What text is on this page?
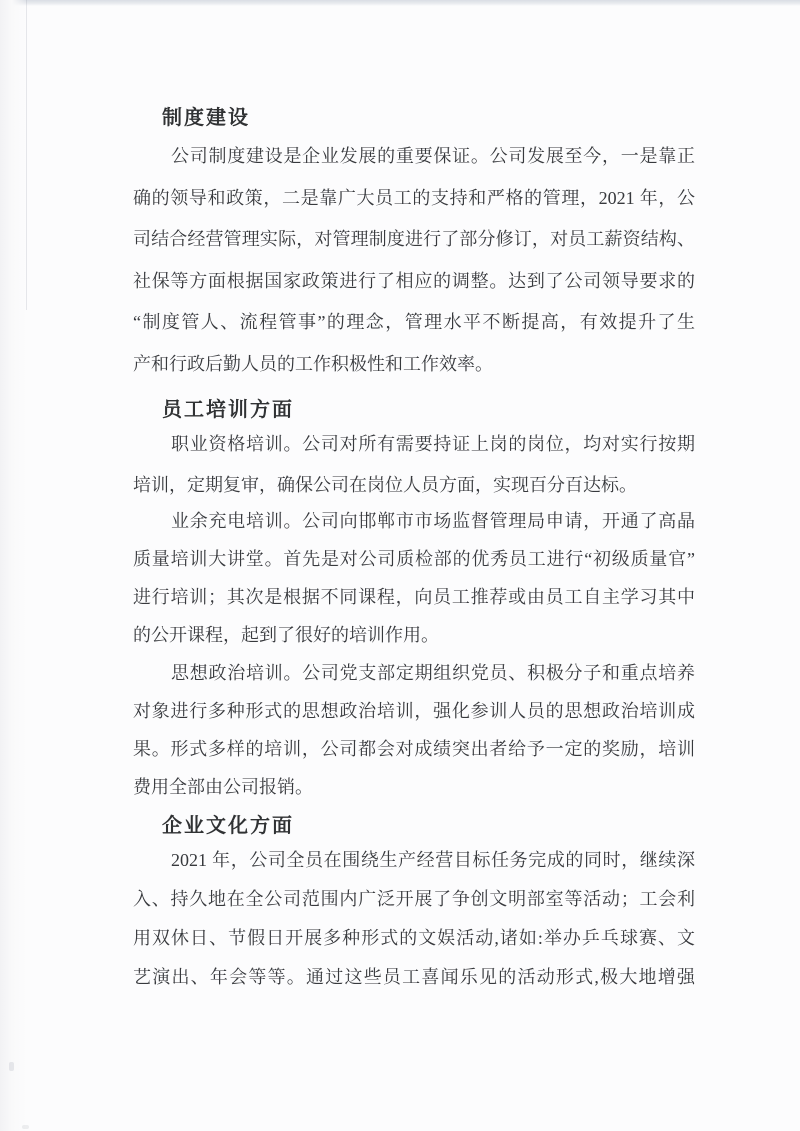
制度建设
公司制度建设是企业发展的重要保证。公司发展至今，一是靠正
确的领导和政策，二是靠广大员工的支持和严格的管理，2021 年，公
司结合经营管理实际，对管理制度进行了部分修订，对员工薪资结构、
社保等方面根据国家政策进行了相应的调整。达到了公司领导要求的
“制度管人、流程管事”的理念，管理水平不断提高，有效提升了生
产和行政后勤人员的工作积极性和工作效率。
员工培训方面
职业资格培训。公司对所有需要持证上岗的岗位，均对实行按期
培训，定期复审，确保公司在岗位人员方面，实现百分百达标。
业余充电培训。公司向邯郸市市场监督管理局申请，开通了高晶
质量培训大讲堂。首先是对公司质检部的优秀员工进行“初级质量官”
进行培训；其次是根据不同课程，向员工推荐或由员工自主学习其中
的公开课程，起到了很好的培训作用。
思想政治培训。公司党支部定期组织党员、积极分子和重点培养
对象进行多种形式的思想政治培训，强化参训人员的思想政治培训成
果。形式多样的培训，公司都会对成绩突出者给予一定的奖励，培训
费用全部由公司报销。
企业文化方面
2021 年，公司全员在围绕生产经营目标任务完成的同时，继续深
入、持久地在全公司范围内广泛开展了争创文明部室等活动；工会利
用双休日、节假日开展多种形式的文娱活动,诸如:举办乒乓球赛、文
艺演出、年会等等。通过这些员工喜闻乐见的活动形式,极大地增强
